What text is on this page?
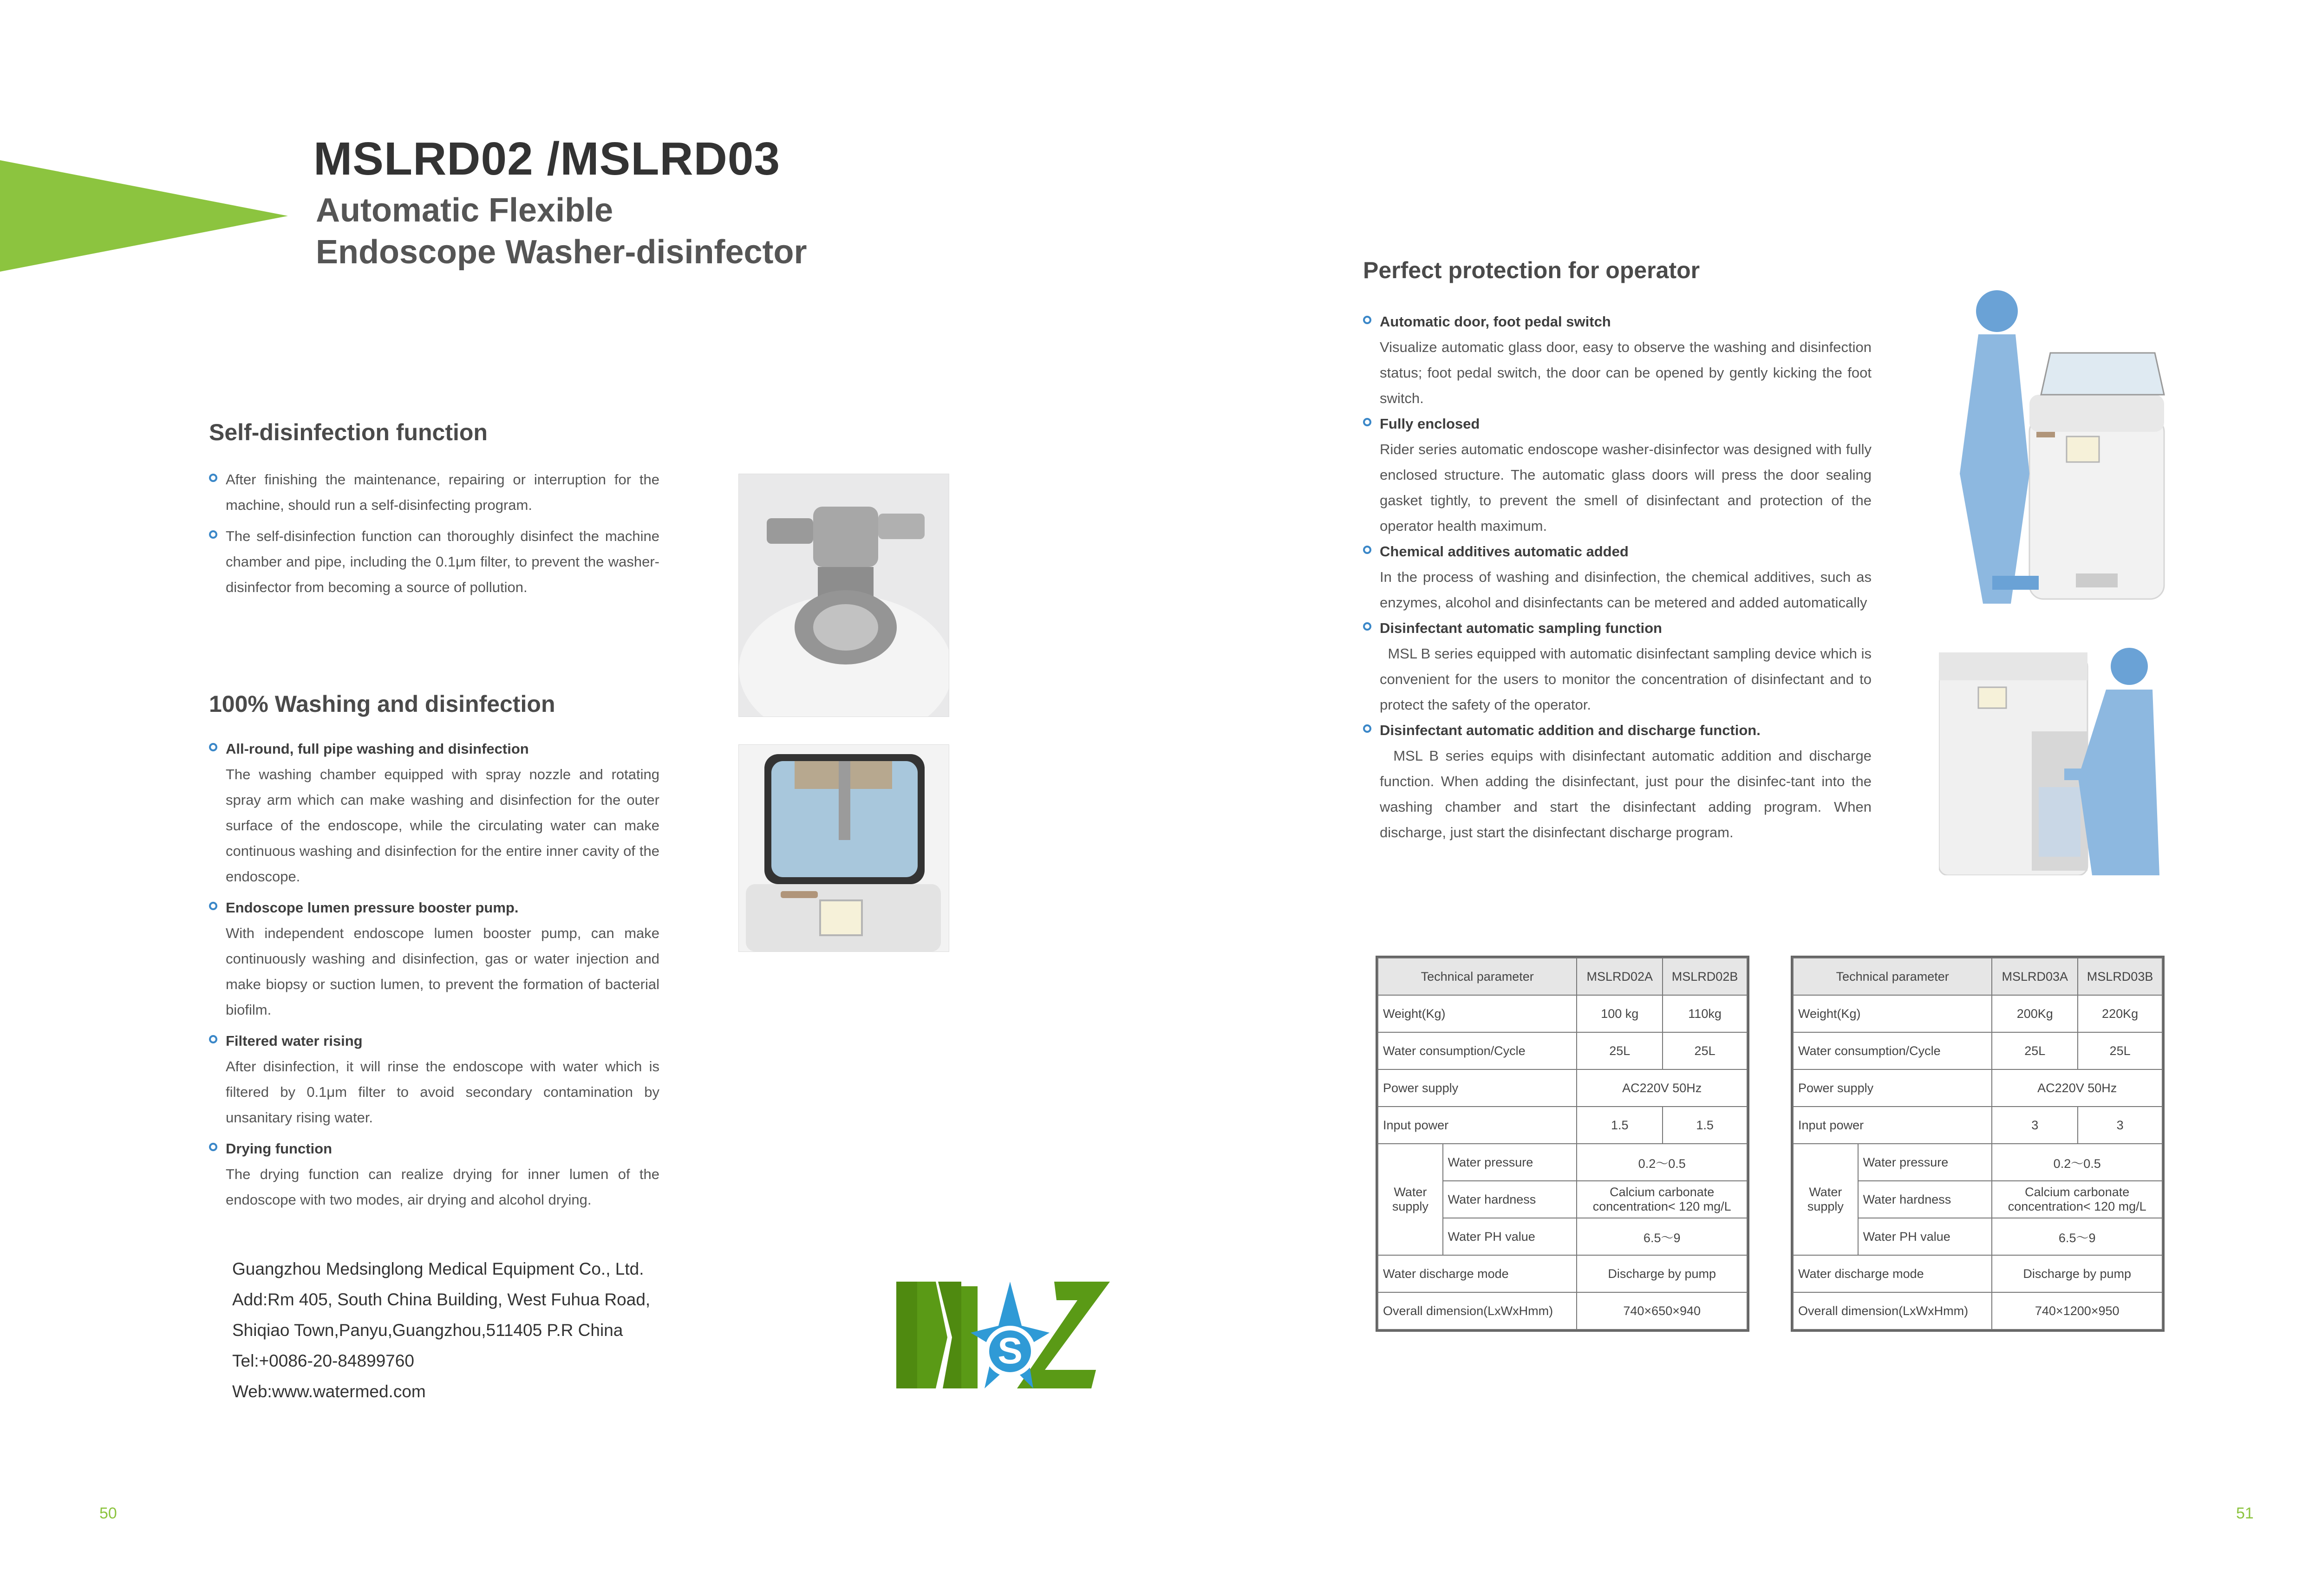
MSLRD02 /MSLRD03
Automatic Flexible
Endoscope Washer-disinfector
Self-disinfection function
After finishing the maintenance, repairing or interruption for the machine, should run a self-disinfecting program.
The self-disinfection function can thoroughly disinfect the machine chamber and pipe, including the 0.1μm filter, to prevent the washer-disinfector from becoming a source of pollution.
100% Washing and disinfection
All-round, full pipe washing and disinfection
The washing chamber equipped with spray nozzle and rotating spray arm which can make washing and disinfection for the outer surface of the endoscope, while the circulating water can make continuous washing and disinfection for the entire inner cavity of the endoscope.
Endoscope lumen pressure booster pump.
With independent endoscope lumen booster pump, can make continuously washing and disinfection, gas or water injection and make biopsy or suction lumen, to prevent the formation of bacterial biofilm.
Filtered water rising
After disinfection, it will rinse the endoscope with water which is filtered by 0.1μm filter to avoid secondary contamination by unsanitary rising water.
Drying function
The drying function can realize drying for inner lumen of the endoscope with two modes, air drying and alcohol drying.
Guangzhou Medsinglong Medical Equipment Co., Ltd.
Add:Rm 405, South China Building, West Fuhua Road,
Shiqiao Town,Panyu,Guangzhou,511405 P.R China
Tel:+0086-20-84899760
Web:www.watermed.com
S
50
Perfect protection for operator
Automatic door, foot pedal switch
Visualize automatic glass door, easy to observe the washing and disinfection status; foot pedal switch, the door can be opened by gently kicking the foot switch.
Fully enclosed
Rider series automatic endoscope washer-disinfector was designed with fully enclosed structure. The automatic glass doors will press the door sealing gasket tightly, to prevent the smell of disinfectant and protection of the operator health maximum.
Chemical additives automatic added
In the process of washing and disinfection, the chemical additives, such as enzymes, alcohol and disinfectants can be metered and added automatically
Disinfectant automatic sampling function
MSL B series equipped with automatic disinfectant sampling device which is convenient for the users to monitor the concentration of disinfectant and to protect the safety of the operator.
Disinfectant automatic addition and discharge function.
MSL B series equips with disinfectant automatic addition and discharge function. When adding the disinfectant, just pour the disinfec-tant into the washing chamber and start the disinfectant adding program. When discharge, just start the disinfectant discharge program.
Technical parameter		MSLRD02A	MSLRD02B
Weight(Kg)		100 kg	110kg
Water consumption/Cycle		25L	25L
Power supply		AC220V 50Hz	
Input power		1.5	1.5
Water supply	Water pressure	0.2～0.5	
	Water hardness	Calcium carbonate concentration< 120 mg/L	
	Water PH value	6.5～9	
Water discharge mode		Discharge by pump	
Overall dimension(LxWxHmm)		740×650×940	
Technical parameter		MSLRD03A	MSLRD03B
Weight(Kg)		200Kg	220Kg
Water consumption/Cycle		25L	25L
Power supply		AC220V 50Hz	
Input power		3	3
Water supply	Water pressure	0.2～0.5	
	Water hardness	Calcium carbonate concentration< 120 mg/L	
	Water PH value	6.5～9	
Water discharge mode		Discharge by pump	
Overall dimension(LxWxHmm)		740×1200×950	
51
